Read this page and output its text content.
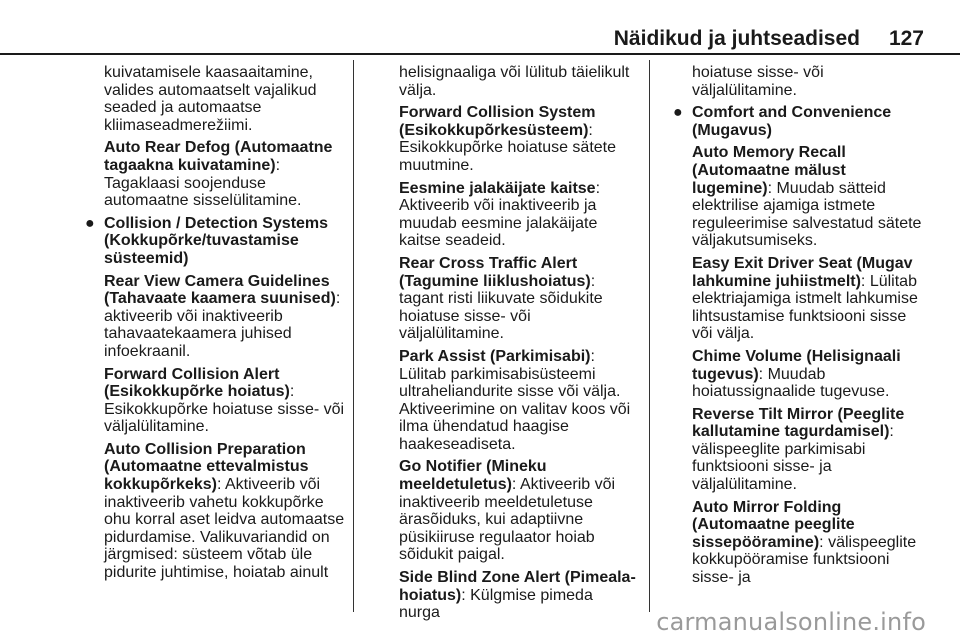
Näidikud ja juhtseadised 127

kuivatamisele kaasaaitamine, valides automaatselt vajalikud seaded ja automaatse kliimaseadmerežiimi.

Auto Rear Defog (Automaatne tagaakna kuivatamine): Tagaklaasi soojenduse automaatne sisselülitamine.

● Collision / Detection Systems (Kokkupõrke/tuvastamise süsteemid)

Rear View Camera Guidelines (Tahavaate kaamera suunised): aktiveerib või inaktiveerib tahavaatekaamera juhised infoekraanil.

Forward Collision Alert (Esikokkupõrke hoiatus): Esikokkupõrke hoiatuse sisse- või väljalülitamine.

Auto Collision Preparation (Automaatne ettevalmistus kokkupõrkeks): Aktiveerib või inaktiveerib vahetu kokkupõrke ohu korral aset leidva automaatse pidurdamise. Valikuvariandid on järgmised: süsteem võtab üle pidurite juhtimise, hoiatab ainult

helisignaaliga või lülitub täielikult välja.

Forward Collision System (Esikokkupõrkesüsteem): Esikokkupõrke hoiatuse sätete muutmine.

Eesmine jalakäijate kaitse: Aktiveerib või inaktiveerib ja muudab eesmine jalakäijate kaitse seadeid.

Rear Cross Traffic Alert (Tagumine liiklushoiatus): tagant risti liikuvate sõidukite hoiatuse sisse- või väljalülitamine.

Park Assist (Parkimisabi): Lülitab parkimisabisüsteemi ultraheliandurite sisse või välja. Aktiveerimine on valitav koos või ilma ühendatud haagise haakeseadiseta.

Go Notifier (Mineku meeldetuletus): Aktiveerib või inaktiveerib meeldetuletuse ärasõiduks, kui adaptiivne püsikiiruse regulaator hoiab sõidukit paigal.

Side Blind Zone Alert (Pimeala-hoiatus): Külgmise pimeda nurga

hoiatuse sisse- või väljalülitamine.

● Comfort and Convenience (Mugavus)

Auto Memory Recall (Automaatne mälust lugemine): Muudab sätteid elektrilise ajamiga istmete reguleerimise salvestatud sätete väljakutsumiseks.

Easy Exit Driver Seat (Mugav lahkumine juhiistmelt): Lülitab elektriajamiga istmelt lahkumise lihtsustamise funktsiooni sisse või välja.

Chime Volume (Helisignaali tugevus): Muudab hoiatussignaalide tugevuse.

Reverse Tilt Mirror (Peeglite kallutamine tagurdamisel): välispeeglite parkimisabi funktsiooni sisse- ja väljalülitamine.

Auto Mirror Folding (Automaatne peeglite sissepööramine): välispeeglite kokkupööramise funktsiooni sisse- ja

carmanualsonline.info
